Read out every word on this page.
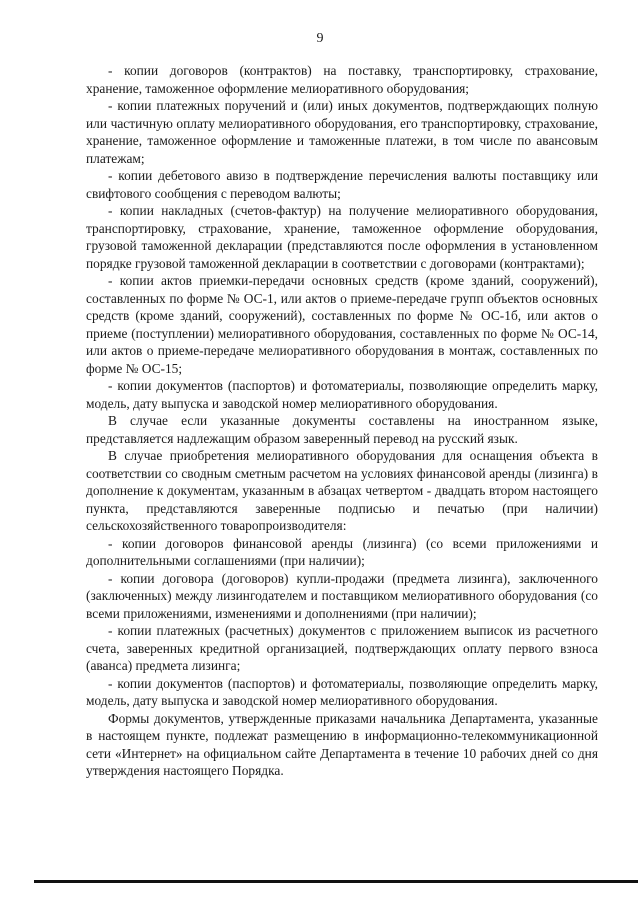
9

- копии договоров (контрактов) на поставку, транспортировку, страхование, хранение, таможенное оформление мелиоративного оборудования;

- копии платежных поручений и (или) иных документов, подтверждающих полную или частичную оплату мелиоративного оборудования, его транспортировку, страхование, хранение, таможенное оформление и таможенные платежи, в том числе по авансовым платежам;

- копии дебетового авизо в подтверждение перечисления валюты поставщику или свифтового сообщения с переводом валюты;

- копии накладных (счетов-фактур) на получение мелиоративного оборудования, транспортировку, страхование, хранение, таможенное оформление оборудования, грузовой таможенной декларации (представляются после оформления в установленном порядке грузовой таможенной декларации в соответствии с договорами (контрактами);

- копии актов приемки-передачи основных средств (кроме зданий, сооружений), составленных по форме № ОС-1, или актов о приеме-передаче групп объектов основных средств (кроме зданий, сооружений), составленных по форме № ОС-1б, или актов о приеме (поступлении) мелиоративного оборудования, составленных по форме № ОС-14, или актов о приеме-передаче мелиоративного оборудования в монтаж, составленных по форме № ОС-15;

- копии документов (паспортов) и фотоматериалы, позволяющие определить марку, модель, дату выпуска и заводской номер мелиоративного оборудования.

В случае если указанные документы составлены на иностранном языке, представляется надлежащим образом заверенный перевод на русский язык.

В случае приобретения мелиоративного оборудования для оснащения объекта в соответствии со сводным сметным расчетом на условиях финансовой аренды (лизинга) в дополнение к документам, указанным в абзацах четвертом - двадцать втором настоящего пункта, представляются заверенные подписью и печатью (при наличии) сельскохозяйственного товаропроизводителя:

- копии договоров финансовой аренды (лизинга) (со всеми приложениями и дополнительными соглашениями (при наличии);

- копии договора (договоров) купли-продажи (предмета лизинга), заключенного (заключенных) между лизингодателем и поставщиком мелиоративного оборудования (со всеми приложениями, изменениями и дополнениями (при наличии);

- копии платежных (расчетных) документов с приложением выписок из расчетного счета, заверенных кредитной организацией, подтверждающих оплату первого взноса (аванса) предмета лизинга;

- копии документов (паспортов) и фотоматериалы, позволяющие определить марку, модель, дату выпуска и заводской номер мелиоративного оборудования.

Формы документов, утвержденные приказами начальника Департамента, указанные в настоящем пункте, подлежат размещению в информационно-телекоммуникационной сети «Интернет» на официальном сайте Департамента в течение 10 рабочих дней со дня утверждения настоящего Порядка.
